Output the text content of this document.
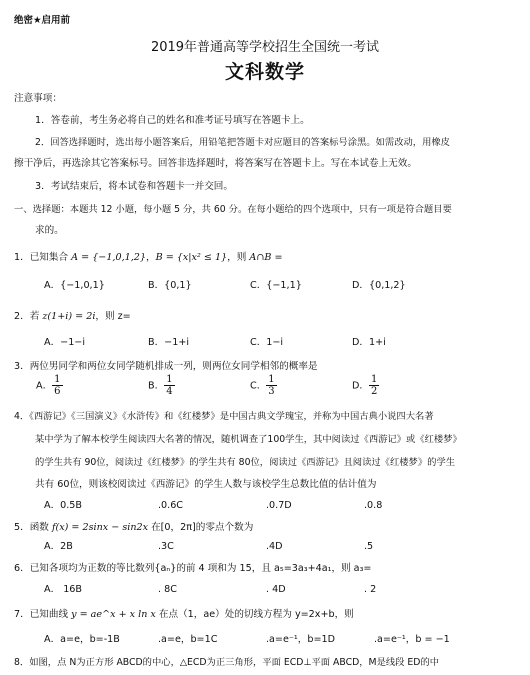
绝密★启用前
2019年普通高等学校招生全国统一考试
文科数学
注意事项：
1．答卷前，考生务必将自己的姓名和准考证号填写在答题卡上。
2．回答选择题时，选出每小题答案后，用铅笔把答题卡对应题目的答案标号涂黑。如需改动，用橡皮
擦干净后，再选涂其它答案标号。回答非选择题时，将答案写在答题卡上。写在本试卷上无效。
3．考试结束后，将本试卷和答题卡一并交回。
一、选择题：本题共 12 小题，每小题 5 分，共 60 分。在每小题给的四个选项中，只有一项是符合题目要
求的。
1．已知集合 A = {−1,0,1,2}，B = {x|x² ≤ 1}，则 A∩B =
A．{−1,0,1}	B．{0,1}	C．{−1,1}	D．{0,1,2}
2．若 z(1+i) = 2i，则 z=
A．−1−i	B．−1+i	C．1−i	D．1+i
3．两位男同学和两位女同学随机排成一列，则两位女同学相邻的概率是
A． $\frac{1}{6}$	B． $\frac{1}{4}$	C． $\frac{1}{3}$	D． $\frac{1}{2}$
4．《西游记》《三国演义》《水浒传》和《红楼梦》是中国古典文学瑰宝，并称为中国古典小说四大名著
某中学为了解本校学生阅读四大名著的情况，随机调查了100学生，其中阅读过《西游记》或《红楼梦》
的学生共有 90位，阅读过《红楼梦》的学生共有 80位，阅读过《西游记》且阅读过《红楼梦》的学生
共有 60位，则该校阅读过《西游记》的学生人数与该校学生总数比值的估计值为
A．0.5B	.0.6C	.0.7D	.0.8
5．函数 f(x) = 2sinx − sin2x 在[0，2π]的零点个数为
A．2B	.3C	.4D	.5
6．已知各项均为正数的等比数列{aₙ}的前 4 项和为 15，且 a₅=3a₃+4a₁，则 a₃=
A． 16B	. 8C	. 4D	. 2
7．已知曲线 y = ae^x + x ln x 在点（1，ae）处的切线方程为 y=2x+b，则
A．a=e，b=-1B	.a=e，b=1C	.a=e⁻¹，b=1D	.a=e⁻¹，b = −1
8．如图，点 N为正方形 ABCD的中心，△ECD为正三角形，平面 ECD⊥平面 ABCD，M是线段 ED的中
